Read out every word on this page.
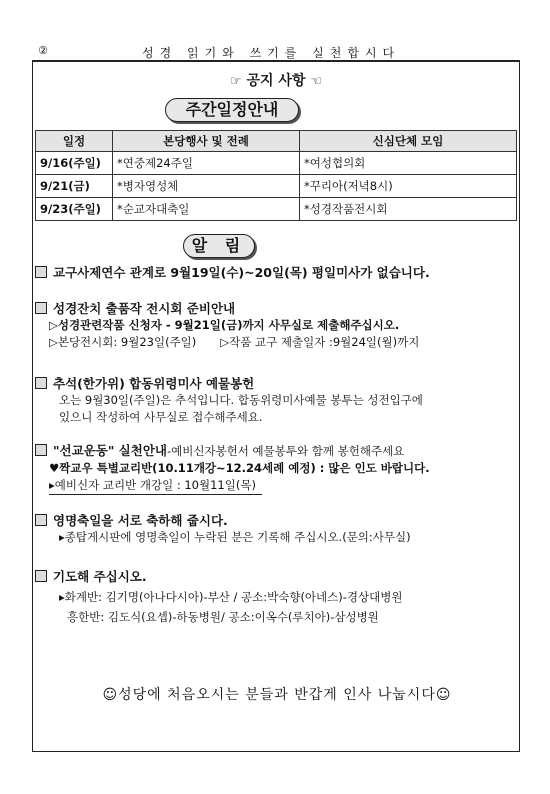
②	성경 읽기와 쓰기를 실천합시다
☞ 공지 사항 ☜
주간일정안내
일정	본당행사 및 전례	신심단체 모임
9/16(주일)	*연중제24주일	*여성협의회
9/21(금)	*병자영성체	*꾸리아(저녁8시)
9/23(주일)	*순교자대축일	*성경작품전시회
알 림
교구사제연수 관계로 9월19일(수)~20일(목) 평일미사가 없습니다.
성경잔치 출품작 전시회 준비안내
▷성경관련작품 신청자 - 9월21일(금)까지 사무실로 제출해주십시오.
▷본당전시회: 9월23일(주일) ▷작품 교구 제출일자 :9월24일(월)까지
추석(한가위) 합동위령미사 예물봉헌
오는 9월30일(주일)은 추석입니다. 합동위령미사예물 봉투는 성전입구에
있으니 작성하여 사무실로 접수해주세요.
"선교운동" 실천안내-예비신자봉헌서 예물봉투와 함께 봉헌해주세요
♥짝교우 특별교리반(10.11개강~12.24세례 예정) : 많은 인도 바랍니다.
▸예비신자 교리반 개강일 : 10월11일(목)
영명축일을 서로 축하해 줍시다.
▸종탑게시판에 영명축일이 누락된 분은 기록해 주십시오.(문의:사무실)
기도해 주십시오.
▸화계반: 김기명(아나다시아)-부산 / 공소:박숙향(아네스)-경상대병원
흥한반: 김도식(요셉)-하동병원/ 공소:이옥수(루치아)-삼성병원
☺성당에 처음오시는 분들과 반갑게 인사 나눕시다☺
